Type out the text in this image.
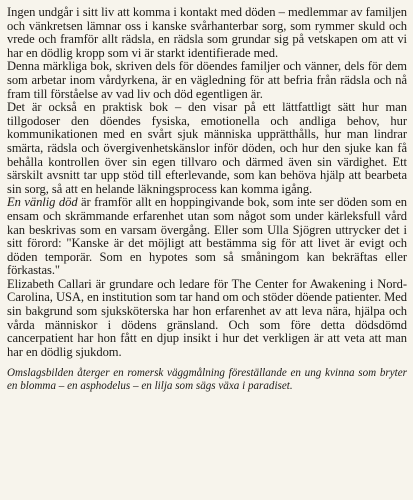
Ingen undgår i sitt liv att komma i kontakt med döden – medlemmar av familjen och vänkretsen lämnar oss i kanske svårhanterbar sorg, som rymmer skuld och vrede och framför allt rädsla, en rädsla som grundar sig på vetskapen om att vi har en dödlig kropp som vi är starkt identifierade med.

Denna märkliga bok, skriven dels för döendes familjer och vänner, dels för dem som arbetar inom vårdyrkena, är en vägledning för att befria från rädsla och nå fram till förståelse av vad liv och död egentligen är.

Det är också en praktisk bok – den visar på ett lättfattligt sätt hur man tillgodoser den döendes fysiska, emotionella och andliga behov, hur kommunikationen med en svårt sjuk människa upprätthålls, hur man lindrar smärta, rädsla och övergivenhetskänslor inför döden, och hur den sjuke kan få behålla kontrollen över sin egen tillvaro och därmed även sin värdighet. Ett särskilt avsnitt tar upp stöd till efterlevande, som kan behöva hjälp att bearbeta sin sorg, så att en helande läkningsprocess kan komma igång.

En vänlig död är framför allt en hoppingivande bok, som inte ser döden som en ensam och skrämmande erfarenhet utan som något som under kärleksfull vård kan beskrivas som en varsam övergång. Eller som Ulla Sjögren uttrycker det i sitt förord: "Kanske är det möjligt att bestämma sig för att livet är evigt och döden temporär. Som en hypotes som så småningom kan bekräftas eller förkastas."

Elizabeth Callari är grundare och ledare för The Center for Awakening i Nord-Carolina, USA, en institution som tar hand om och stöder döende patienter. Med sin bakgrund som sjuksköterska har hon erfarenhet av att leva nära, hjälpa och vårda människor i dödens gränsland. Och som före detta dödsdömd cancerpatient har hon fått en djup insikt i hur det verkligen är att veta att man har en dödlig sjukdom.

Omslagsbilden återger en romersk väggmålning föreställande en ung kvinna som bryter en blomma – en asphodelus – en lilja som sägs växa i paradiset.
